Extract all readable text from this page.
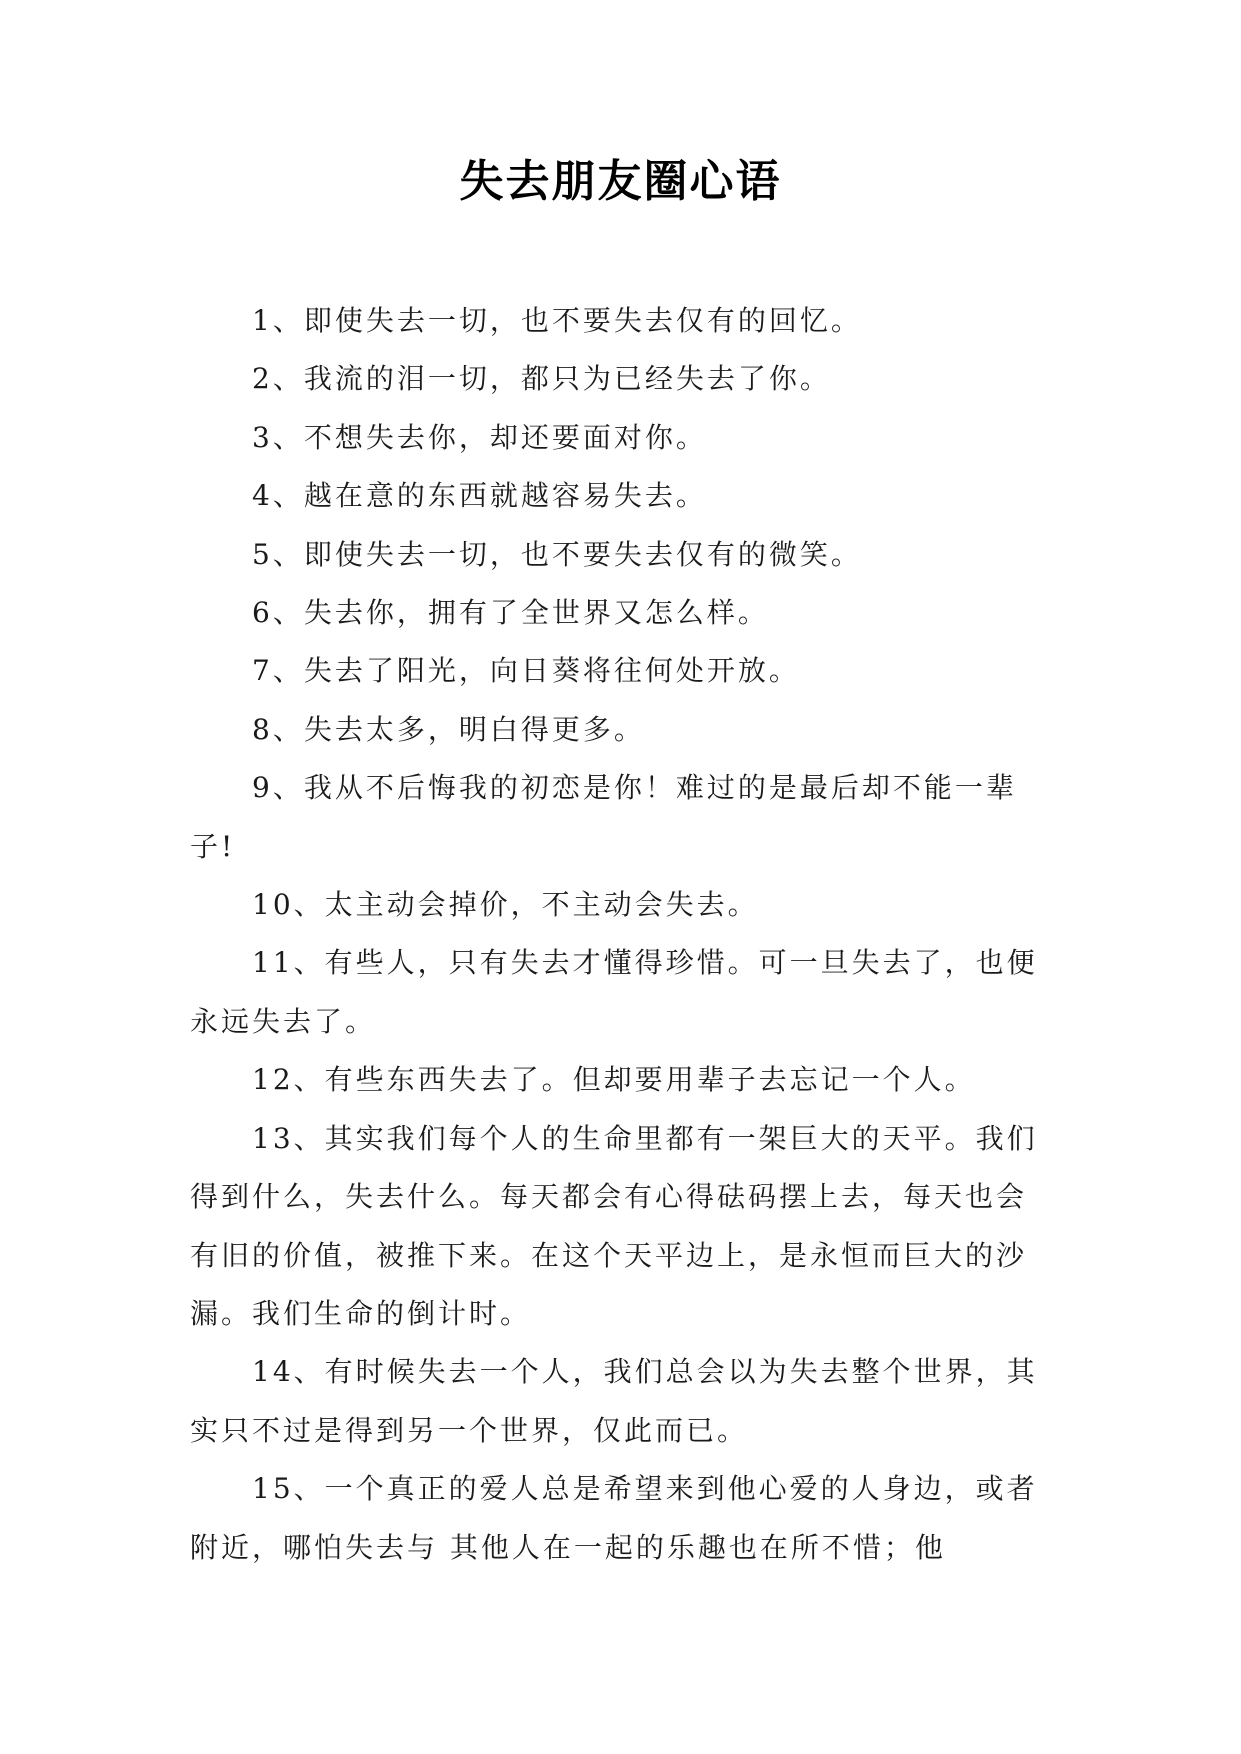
失去朋友圈心语

1、即使失去一切，也不要失去仅有的回忆。

2、我流的泪一切，都只为已经失去了你。

3、不想失去你，却还要面对你。

4、越在意的东西就越容易失去。

5、即使失去一切，也不要失去仅有的微笑。

6、失去你，拥有了全世界又怎么样。

7、失去了阳光，向日葵将往何处开放。

8、失去太多，明白得更多。

9、我从不后悔我的初恋是你！难过的是最后却不能一辈子!

10、太主动会掉价，不主动会失去。

11、有些人，只有失去才懂得珍惜。可一旦失去了，也便永远失去了。

12、有些东西失去了。但却要用辈子去忘记一个人。

13、其实我们每个人的生命里都有一架巨大的天平。我们得到什么，失去什么。每天都会有心得砝码摆上去，每天也会有旧的价值，被推下来。在这个天平边上，是永恒而巨大的沙漏。我们生命的倒计时。

14、有时候失去一个人，我们总会以为失去整个世界，其实只不过是得到另一个世界，仅此而已。

15、一个真正的爱人总是希望来到他心爱的人身边，或者附近，哪怕失去与 其他人在一起的乐趣也在所不惜；他
